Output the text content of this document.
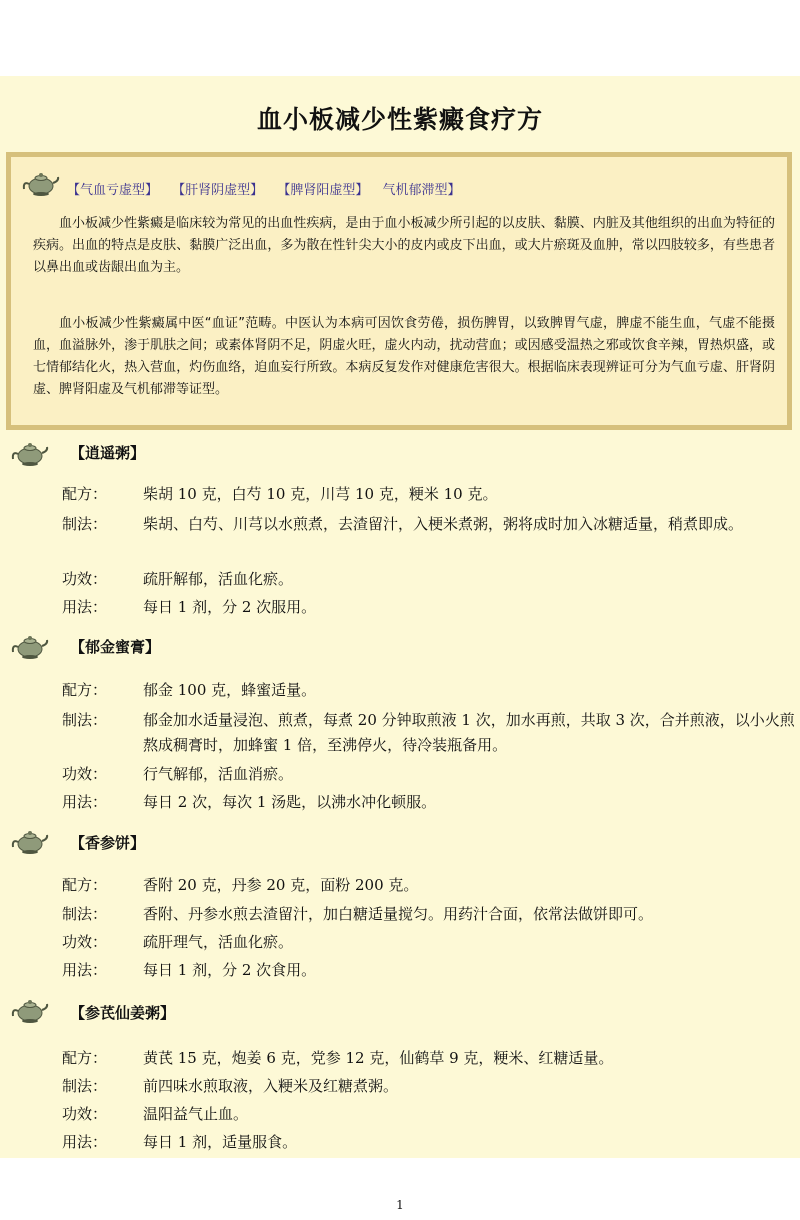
血小板减少性紫癜食疗方
【气血亏虚型】 【肝肾阴虚型】 【脾肾阳虚型】 气机郁滞型】

血小板减少性紫癜是临床较为常见的出血性疾病，是由于血小板减少所引起的以皮肤、黏膜、内脏及其他组织的出血为特征的疾病。出血的特点是皮肤、黏膜广泛出血，多为散在性针尖大小的皮内或皮下出血，或大片瘀斑及血肿，常以四肢较多，有些患者以鼻出血或齿龈出血为主。

血小板减少性紫癜属中医“血证”范畴。中医认为本病可因饮食劳倦，损伤脾胃，以致脾胃气虚，脾虚不能生血，气虚不能摄血，血溢脉外，渗于肌肤之间；或素体肾阴不足，阴虚火旺，虚火内动，扰动营血；或因感受温热之邪或饮食辛辣，胃热炽盛，或七情郁结化火，热入营血，灼伤血络，迫血妄行所致。本病反复发作对健康危害很大。根据临床表现辨证可分为气血亏虚、肝肾阴虚、脾肾阳虚及气机郁滞等证型。

【逍遥粥】
配方： 柴胡 10 克，白芍 10 克，川芎 10 克，粳米 10 克。
制法： 柴胡、白芍、川芎以水煎煮，去渣留汁，入梗米煮粥，粥将成时加入冰糖适量，稍煮即成。
功效： 疏肝解郁，活血化瘀。
用法： 每日 1 剂，分 2 次服用。
【郁金蜜膏】
配方： 郁金 100 克，蜂蜜适量。
制法： 郁金加水适量浸泡、煎煮，每煮 20 分钟取煎液 1 次，加水再煎，共取 3 次，合并煎液，以小火煎熬成稠膏时，加蜂蜜 1 倍，至沸停火，待冷装瓶备用。
功效： 行气解郁，活血消瘀。
用法： 每日 2 次，每次 1 汤匙，以沸水冲化顿服。
【香参饼】
配方： 香附 20 克，丹参 20 克，面粉 200 克。
制法： 香附、丹参水煎去渣留汁，加白糖适量搅匀。用药汁合面，依常法做饼即可。
功效： 疏肝理气，活血化瘀。
用法： 每日 1 剂，分 2 次食用。
【参芪仙姜粥】
配方： 黄芪 15 克，炮姜 6 克，党参 12 克，仙鹤草 9 克，粳米、红糖适量。
制法： 前四味水煎取液，入粳米及红糖煮粥。
功效： 温阳益气止血。
用法： 每日 1 剂，适量服食。
1
